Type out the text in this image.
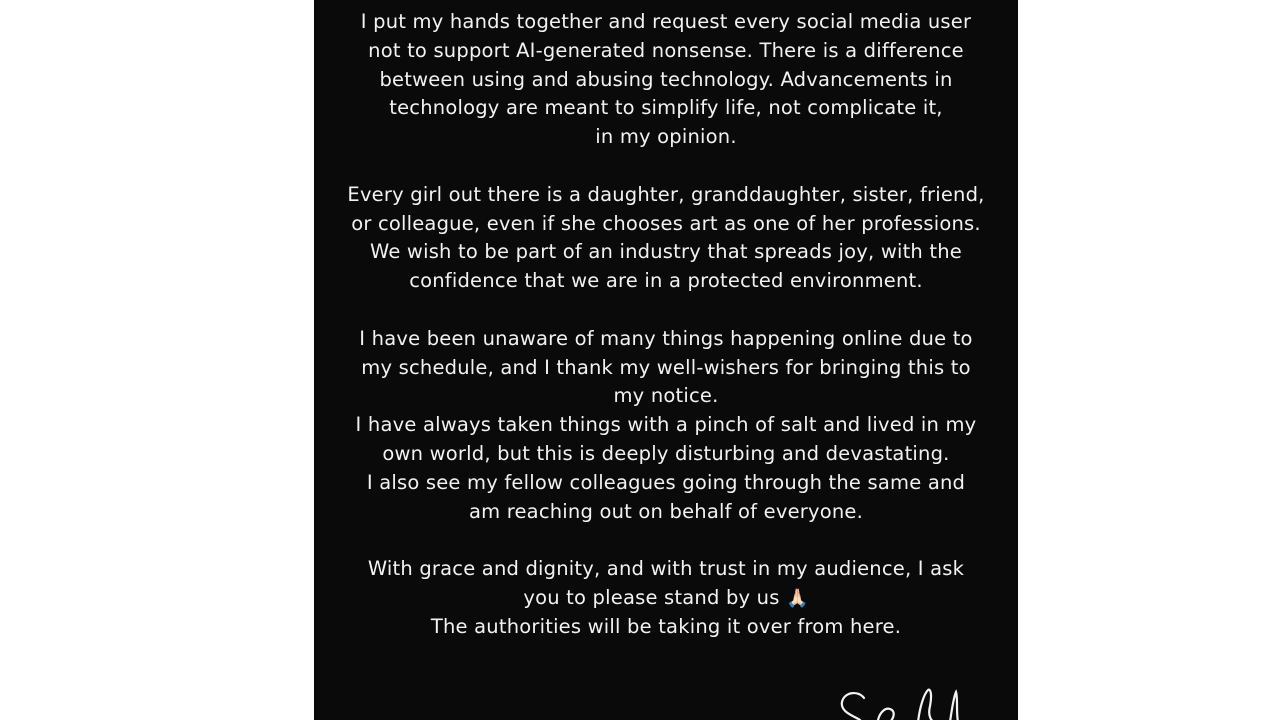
I put my hands together and request every social media user
not to support AI-generated nonsense. There is a difference
between using and abusing technology. Advancements in
technology are meant to simplify life, not complicate it,
in my opinion.

Every girl out there is a daughter, granddaughter, sister, friend,
or colleague, even if she chooses art as one of her professions.
We wish to be part of an industry that spreads joy, with the
confidence that we are in a protected environment.

I have been unaware of many things happening online due to
my schedule, and I thank my well-wishers for bringing this to
my notice.
I have always taken things with a pinch of salt and lived in my
own world, but this is deeply disturbing and devastating.
I also see my fellow colleagues going through the same and
am reaching out on behalf of everyone.

With grace and dignity, and with trust in my audience, I ask
you to please stand by us 🙏🏻
The authorities will be taking it over from here.
